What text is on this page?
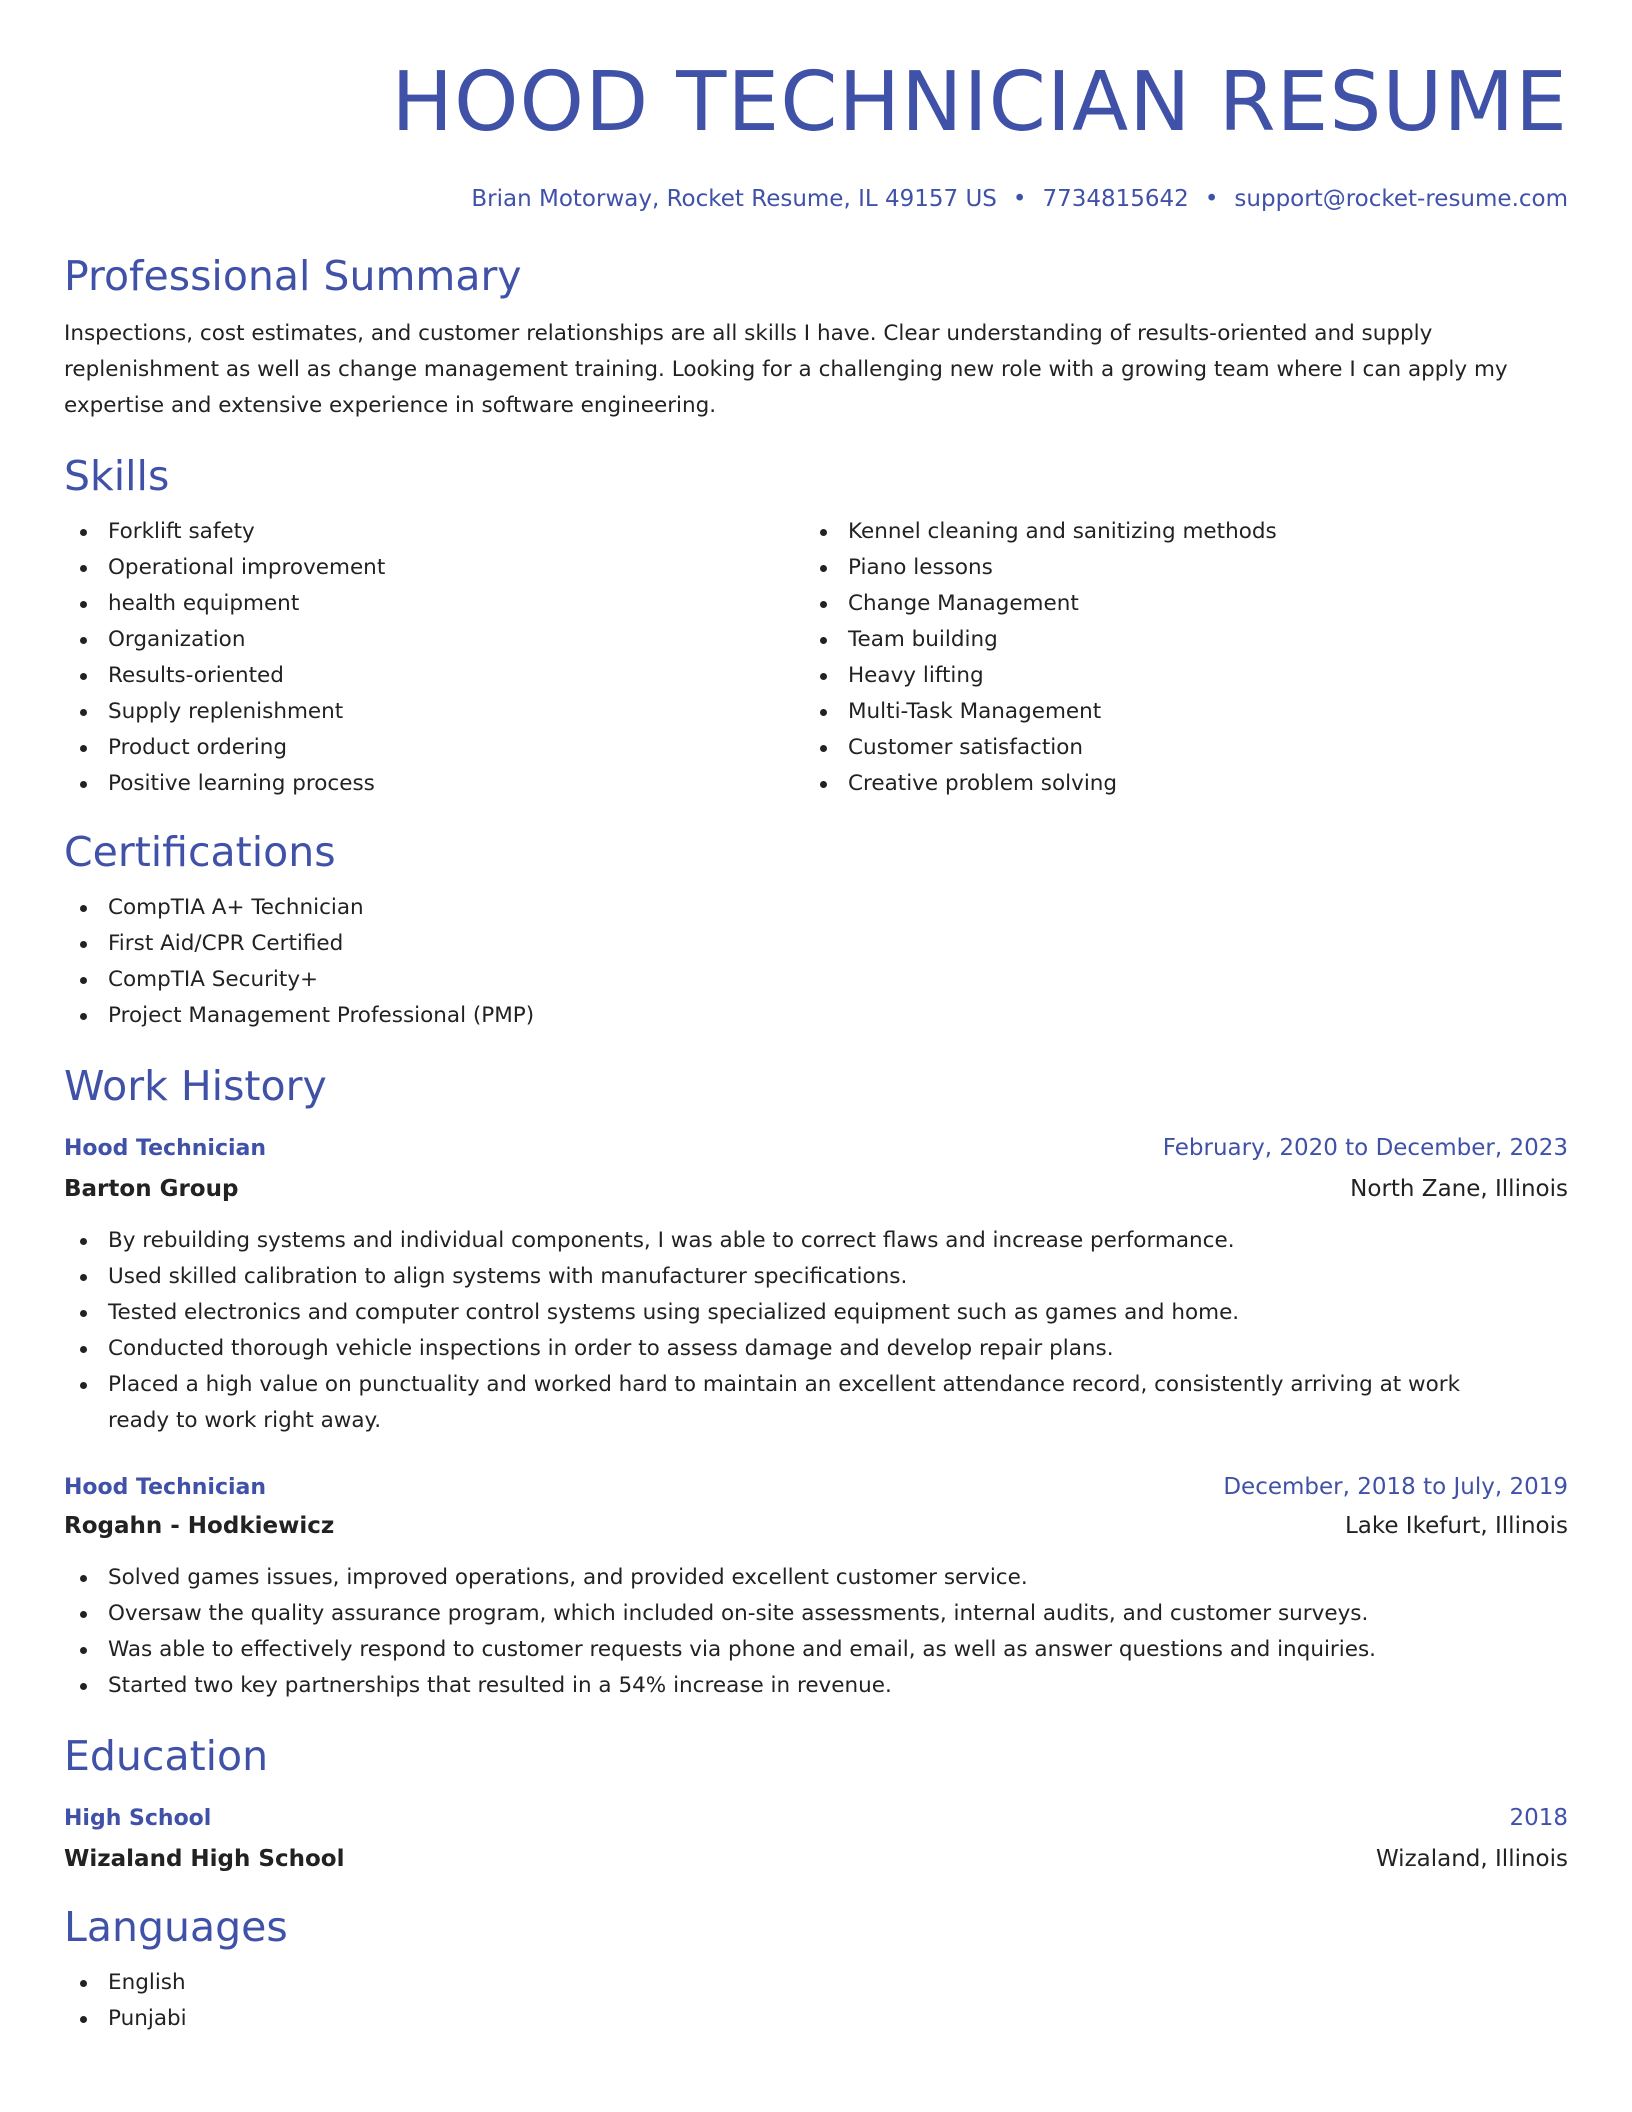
HOOD TECHNICIAN RESUME
Brian Motorway, Rocket Resume, IL 49157 US • 7734815642 • support@rocket-resume.com
Professional Summary

Inspections, cost estimates, and customer relationships are all skills I have. Clear understanding of results-oriented and supply replenishment as well as change management training. Looking for a challenging new role with a growing team where I can apply my expertise and extensive experience in software engineering.

Skills
Forklift safety
Operational improvement
health equipment
Organization
Results-oriented
Supply replenishment
Product ordering
Positive learning process
Kennel cleaning and sanitizing methods
Piano lessons
Change Management
Team building
Heavy lifting
Multi-Task Management
Customer satisfaction
Creative problem solving
Certifications
CompTIA A+ Technician
First Aid/CPR Certified
CompTIA Security+
Project Management Professional (PMP)
Work History
Hood Technician	February, 2020 to December, 2023
Barton Group	North Zane, Illinois
By rebuilding systems and individual components, I was able to correct flaws and increase performance.
Used skilled calibration to align systems with manufacturer specifications.
Tested electronics and computer control systems using specialized equipment such as games and home.
Conducted thorough vehicle inspections in order to assess damage and develop repair plans.
Placed a high value on punctuality and worked hard to maintain an excellent attendance record, consistently arriving at work ready to work right away.
Hood Technician	December, 2018 to July, 2019
Rogahn - Hodkiewicz	Lake Ikefurt, Illinois
Solved games issues, improved operations, and provided excellent customer service.
Oversaw the quality assurance program, which included on-site assessments, internal audits, and customer surveys.
Was able to effectively respond to customer requests via phone and email, as well as answer questions and inquiries.
Started two key partnerships that resulted in a 54% increase in revenue.
Education
High School	2018
Wizaland High School	Wizaland, Illinois
Languages
English
Punjabi
